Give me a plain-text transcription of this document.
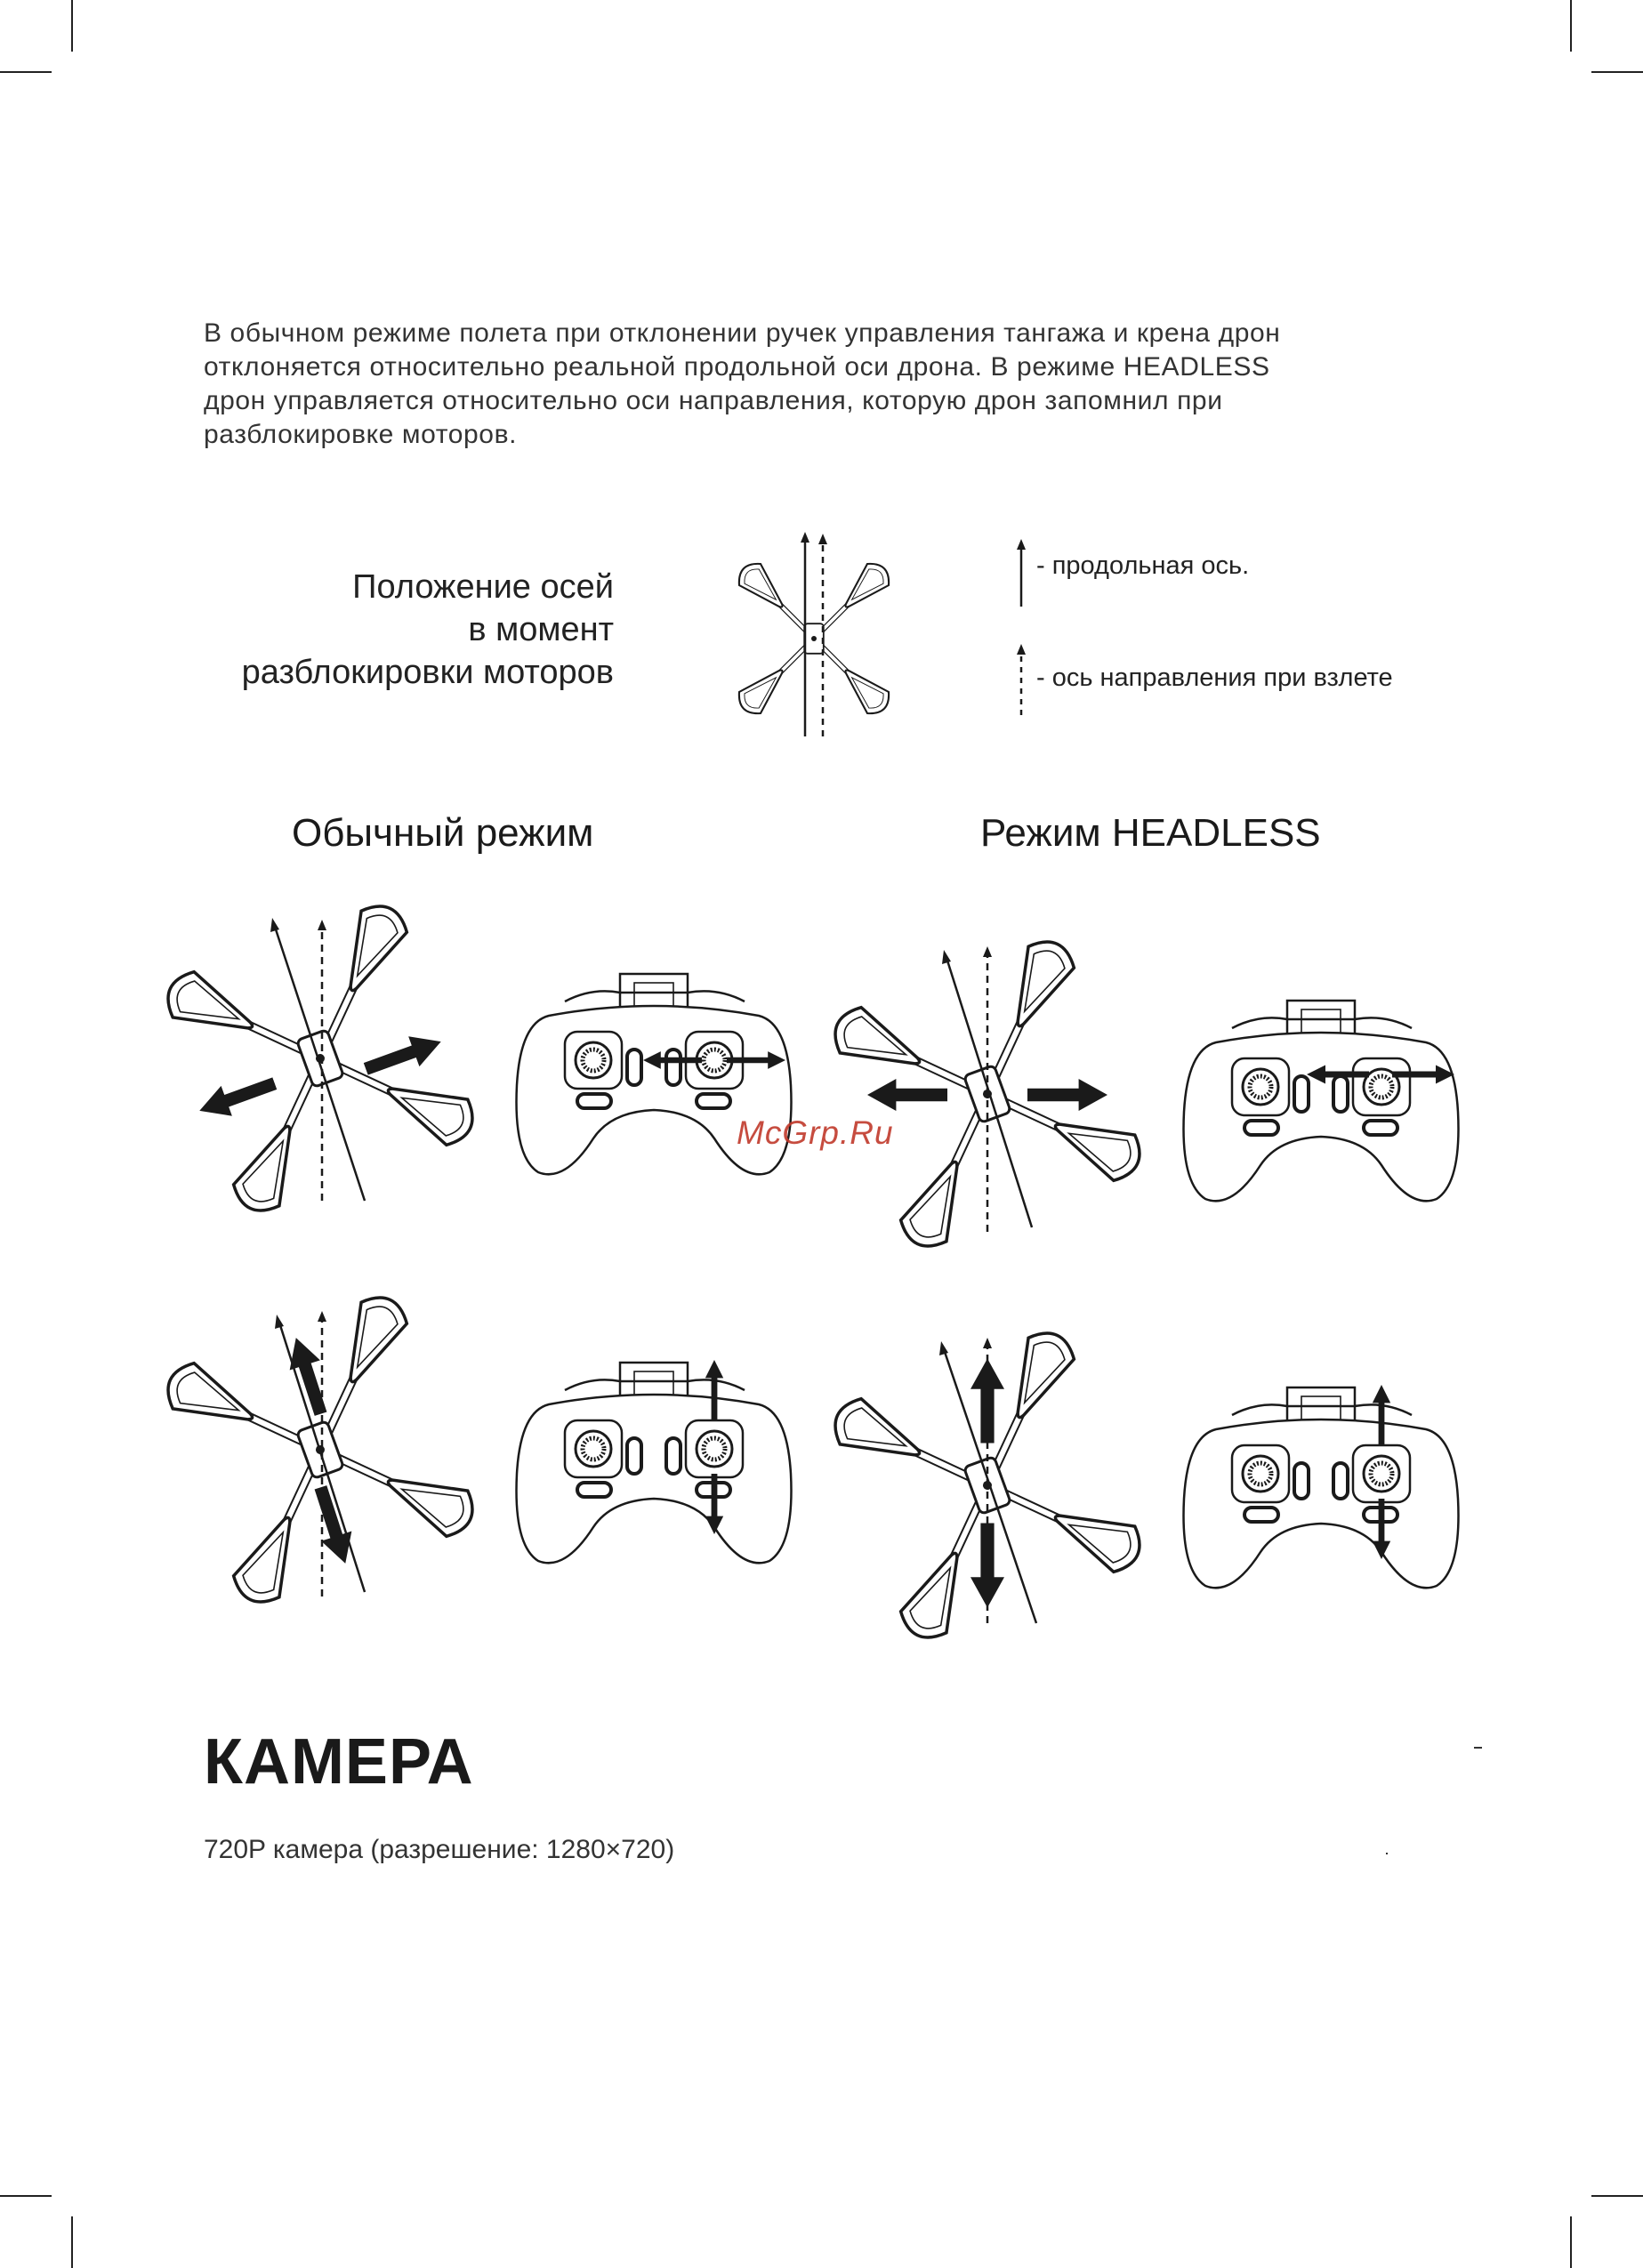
В обычном режиме полета при отклонении ручек управления тангажа и крена дрон
отклоняется относительно реальной продольной оси дрона. В режиме HEADLESS
дрон управляется относительно оси направления, которую дрон запомнил при
разблокировке моторов.

Положение осей
в момент
разблокировки моторов
- продольная ось.
- ось направления при взлете
Обычный режим	Режим HEADLESS
McGrp.Ru
КАМЕРА
720P камера (разрешение: 1280×720)
